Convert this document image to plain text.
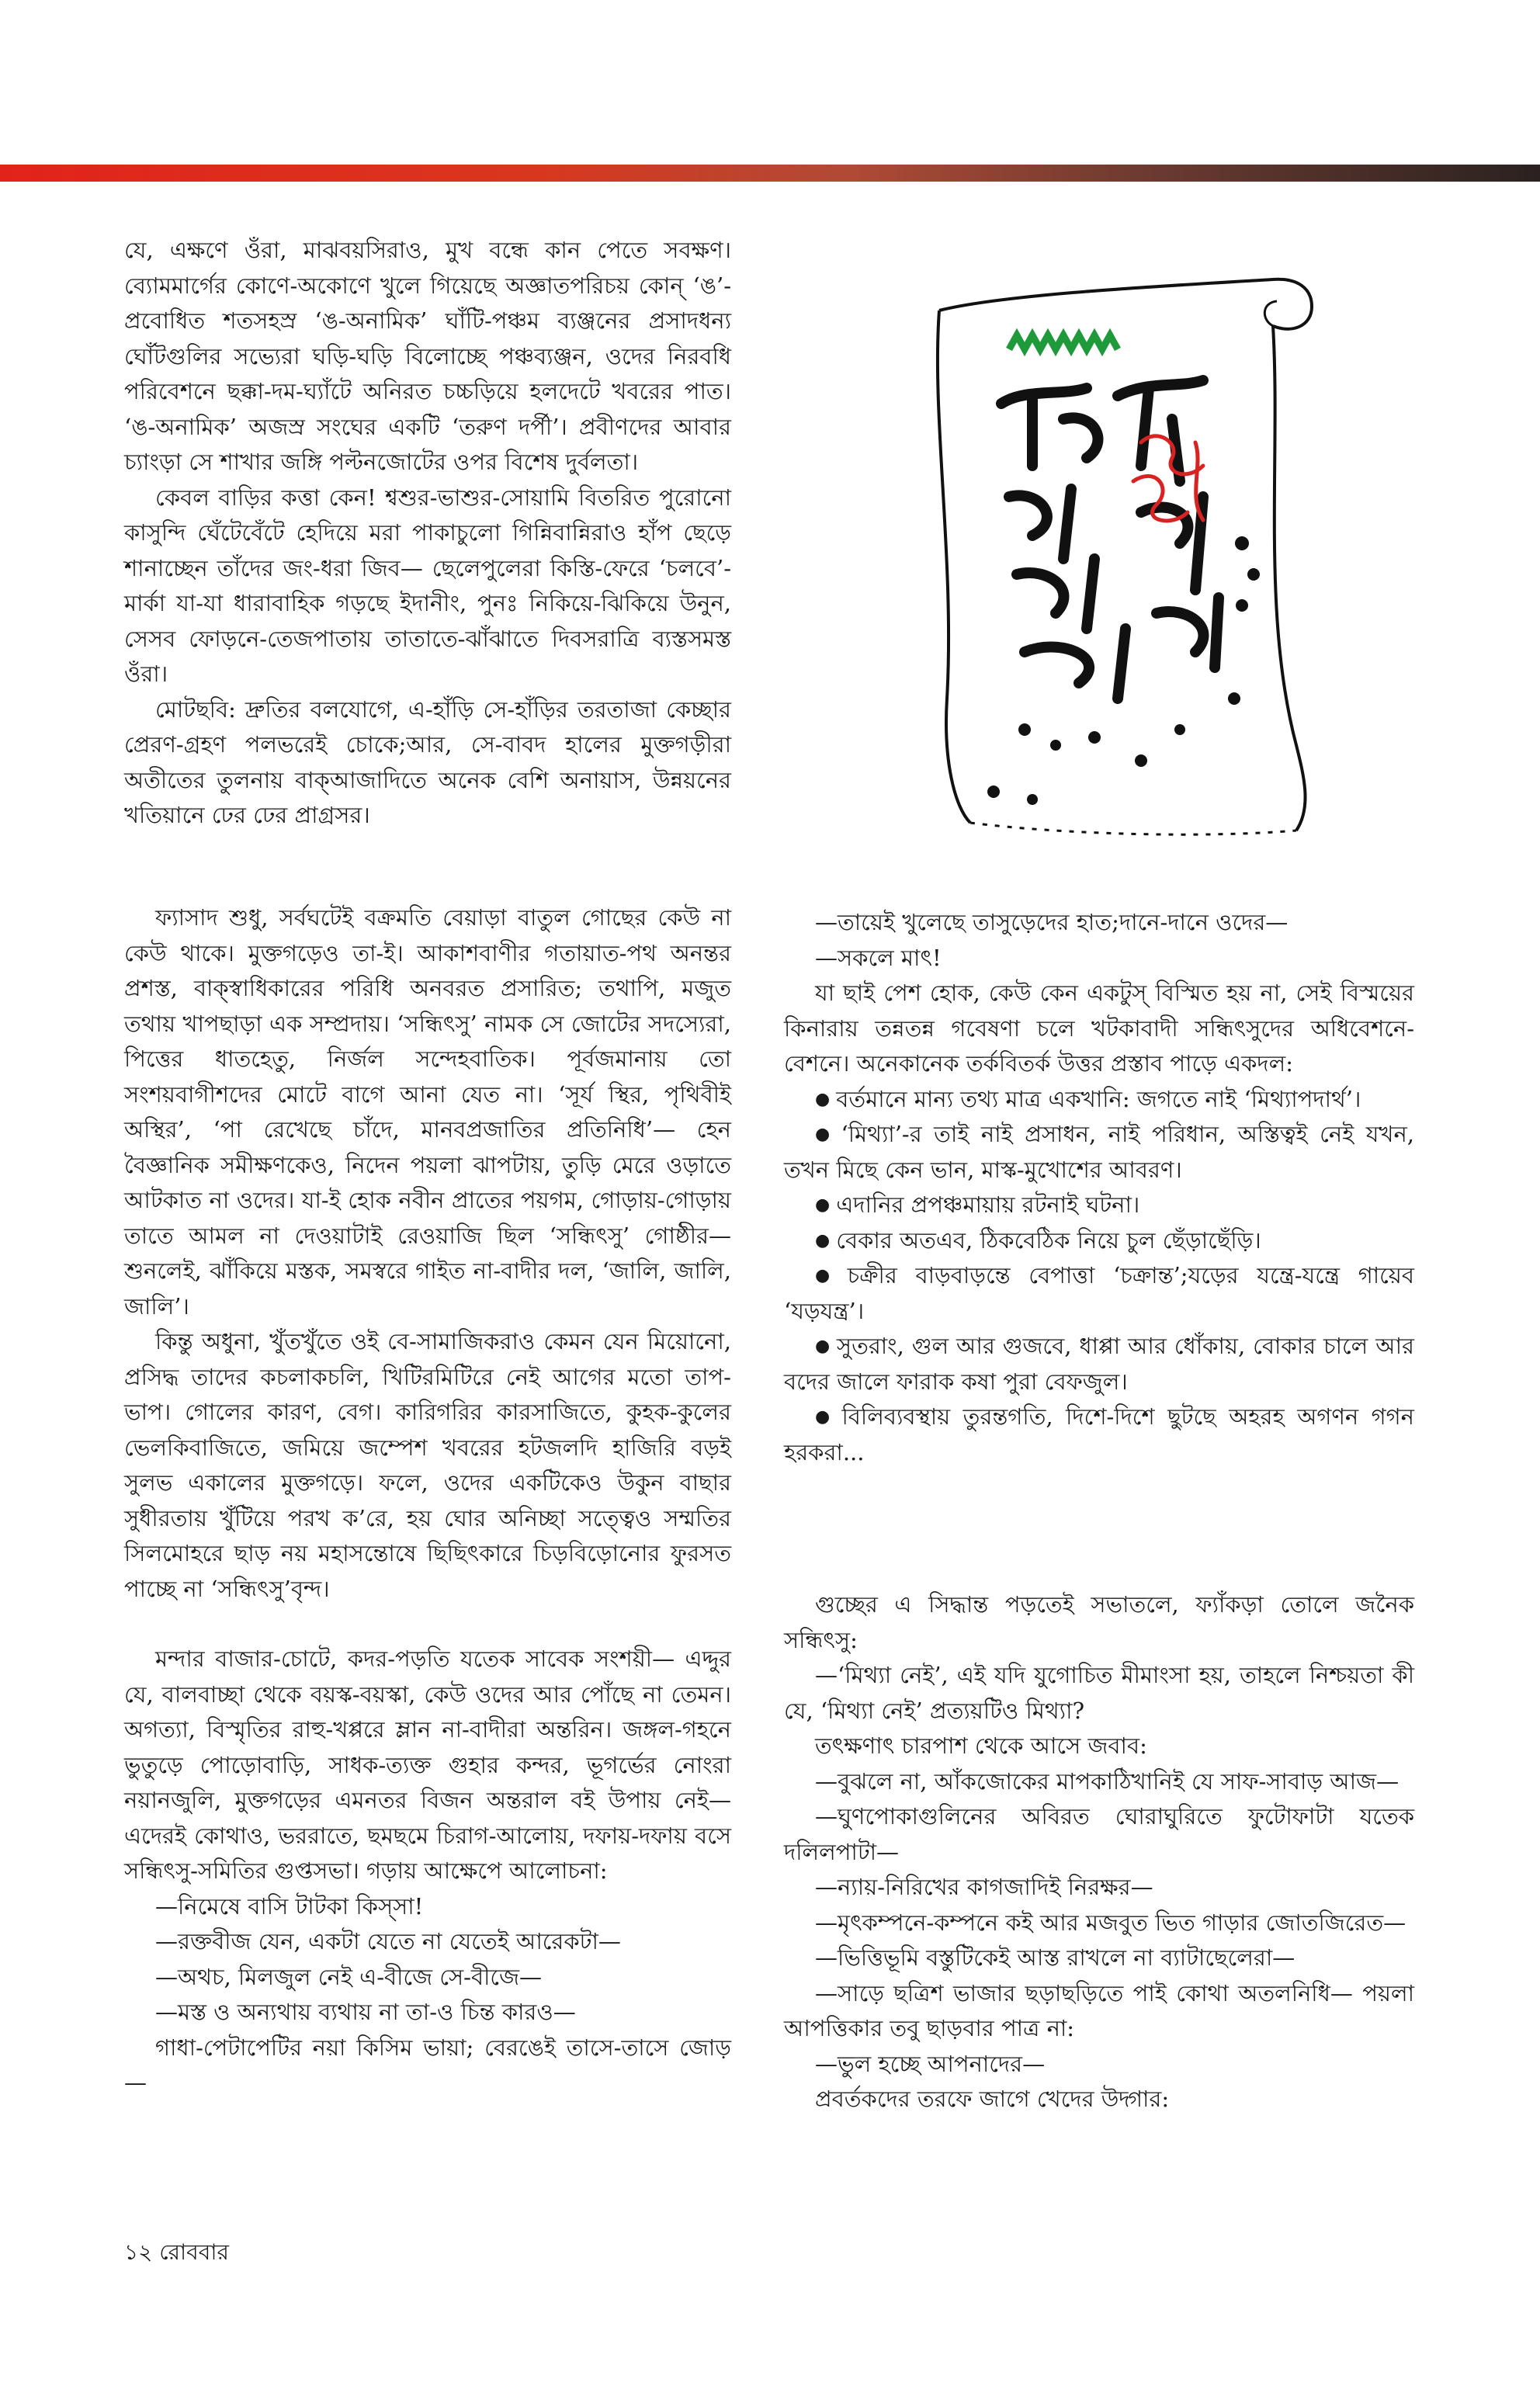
যে, এক্ষণে ওঁরা, মাঝবয়সিরাও, মুখ বন্ধে কান পেতে সবক্ষণ। ব্যোমমার্গের কোণে-অকোণে খুলে গিয়েছে অজ্ঞাতপরিচয় কোন্‌ ‘ঙ’-প্রবোধিত শতসহস্র ‘ঙ-অনামিক’ ঘাঁটি-পঞ্চম ব্যঞ্জনের প্রসাদধন্য ঘোঁটগুলির সভ্যেরা ঘড়ি-ঘড়ি বিলোচ্ছে পঞ্চব্যঞ্জন, ওদের নিরবধি পরিবেশনে ছক্কা-দম-ঘ্যাঁটে অনিরত চচ্চড়িয়ে হলদেটে খবরের পাত। ‘ঙ-অনামিক’ অজস্র সংঘের একটি ‘তরুণ দর্পী’। প্রবীণদের আবার চ্যাংড়া সে শাখার জঙ্গি পল্টনজোটের ওপর বিশেষ দুর্বলতা।

কেবল বাড়ির কত্তা কেন! শ্বশুর-ভাশুর-সোয়ামি বিতরিত পুরোনো কাসুন্দি ঘেঁটেবেঁটে হেদিয়ে মরা পাকাচুলো গিন্নিবান্নিরাও হাঁপ ছেড়ে শানাচ্ছেন তাঁদের জং-ধরা জিব— ছেলেপুলেরা কিস্তি-ফেরে ‘চলবে’-মার্কা যা-যা ধারাবাহিক গড়ছে ইদানীং, পুনঃ নিকিয়ে-ঝিকিয়ে উনুন, সেসব ফোড়নে-তেজপাতায় তাতাতে-ঝাঁঝাতে দিবসরাত্রি ব্যস্তসমস্ত ওঁরা।

মোটছবি: দ্রুতির বলযোগে, এ-হাঁড়ি সে-হাঁড়ির তরতাজা কেচ্ছার প্রেরণ-গ্রহণ পলভরেই চোকে;আর, সে-বাবদ হালের মুক্তগড়ীরা অতীতের তুলনায় বাক্‌আজাদিতে অনেক বেশি অনায়াস, উন্নয়নের খতিয়ানে ঢের ঢের প্রাগ্রসর।

ফ্যাসাদ শুধু, সর্বঘটেই বক্রমতি বেয়াড়া বাতুল গোছের কেউ না কেউ থাকে। মুক্তগড়েও তা-ই। আকাশবাণীর গতায়াত-পথ অনন্তর প্রশস্ত, বাক্‌স্বাধিকারের পরিধি অনবরত প্রসারিত; তথাপি, মজুত তথায় খাপছাড়া এক সম্প্রদায়। ‘সন্ধিৎসু’ নামক সে জোটের সদস্যেরা, পিত্তের ধাতহেতু, নির্জল সন্দেহবাতিক। পূর্বজমানায় তো সংশয়বাগীশদের মোটে বাগে আনা যেত না। ‘সূর্য স্থির, পৃথিবীই অস্থির’, ‘পা রেখেছে চাঁদে, মানবপ্রজাতির প্রতিনিধি’— হেন বৈজ্ঞানিক সমীক্ষণকেও, নিদেন পয়লা ঝাপটায়, তুড়ি মেরে ওড়াতে আটকাত না ওদের। যা-ই হোক নবীন প্রাতের পয়গম, গোড়ায়-গোড়ায় তাতে আমল না দেওয়াটাই রেওয়াজি ছিল ‘সন্ধিৎসু’ গোষ্ঠীর— শুনলেই, ঝাঁকিয়ে মস্তক, সমস্বরে গাইত না-বাদীর দল, ‘জালি, জালি, জালি’।

কিন্তু অধুনা, খুঁতখুঁতে ওই বে-সামাজিকরাও কেমন যেন মিয়োনো, প্রসিদ্ধ তাদের কচলাকচলি, খিটিরমিটিরে নেই আগের মতো তাপ-ভাপ। গোলের কারণ, বেগ। কারিগরির কারসাজিতে, কুহক-কুলের ভেলকিবাজিতে, জমিয়ে জম্পেশ খবরের হটজলদি হাজিরি বড়ই সুলভ একালের মুক্তগড়ে। ফলে, ওদের একটিকেও উকুন বাছার সুধীরতায় খুঁটিয়ে পরখ ক’রে, হয় ঘোর অনিচ্ছা সত্ত্বেও সম্মতির সিলমোহরে ছাড় নয় মহাসন্তোষে ছিছিৎকারে চিড়বিড়োনোর ফুরসত পাচ্ছে না ‘সন্ধিৎসু’বৃন্দ।

মন্দার বাজার-চোটে, কদর-পড়তি যতেক সাবেক সংশয়ী— এদ্দুর যে, বালবাচ্ছা থেকে বয়স্ক-বয়স্কা, কেউ ওদের আর পোঁছে না তেমন। অগত্যা, বিস্মৃতির রাহু-খপ্পরে ম্লান না-বাদীরা অন্তরিন। জঙ্গল-গহনে ভুতুড়ে পোড়োবাড়ি, সাধক-ত্যক্ত গুহার কন্দর, ভূগর্ভের নোংরা নয়ানজুলি, মুক্তগড়ের এমনতর বিজন অন্তরাল বই উপায় নেই— এদেরই কোথাও, ভররাতে, ছমছমে চিরাগ-আলোয়, দফায়-দফায় বসে সন্ধিৎসু-সমিতির গুপ্তসভা। গড়ায় আক্ষেপে আলোচনা:

—নিমেষে বাসি টাটকা কিস্‌সা!

—রক্তবীজ যেন, একটা যেতে না যেতেই আরেকটা—

—অথচ, মিলজুল নেই এ-বীজে সে-বীজে—

—মস্ত ও অন্যথায় ব্যথায় না তা-ও চিন্ত কারও—

গাধা-পেটাপেটির নয়া কিসিম ভায়া; বেরঙেই তাসে-তাসে জোড়—

—তায়েই খুলেছে তাসুড়েদের হাত;দানে-দানে ওদের—

—সকলে মাৎ!

যা ছাই পেশ হোক, কেউ কেন একটুস্‌ বিস্মিত হয় না, সেই বিস্ময়ের কিনারায় তন্নতন্ন গবেষণা চলে খটকাবাদী সন্ধিৎসুদের অধিবেশনে-বেশনে। অনেকানেক তর্কবিতর্ক উত্তর প্রস্তাব পাড়ে একদল:

● বর্তমানে মান্য তথ্য মাত্র একখানি: জগতে নাই ‘মিথ্যাপদার্থ’।

● ‘মিথ্যা’-র তাই নাই প্রসাধন, নাই পরিধান, অস্তিত্বই নেই যখন, তখন মিছে কেন ভান, মাস্ক-মুখোশের আবরণ।

● এদানির প্রপঞ্চমায়ায় রটনাই ঘটনা।

● বেকার অতএব, ঠিকবেঠিক নিয়ে চুল ছেঁড়াছেঁড়ি।

● চক্রীর বাড়বাড়ন্তে বেপাত্তা ‘চক্রান্ত’;যড়ের যন্ত্রে-যন্ত্রে গায়েব ‘যড়যন্ত্র’।

● সুতরাং, গুল আর গুজবে, ধাপ্পা আর ধোঁকায়, বোকার চালে আর বদের জালে ফারাক কষা পুরা বেফজুল।

● বিলিব্যবস্থায় তুরন্তগতি, দিশে-দিশে ছুটছে অহরহ অগণন গগন হরকরা...

গুচ্ছের এ সিদ্ধান্ত পড়তেই সভাতলে, ফ্যাঁকড়া তোলে জনৈক সন্ধিৎসু:

—‘মিথ্যা নেই’, এই যদি যুগোচিত মীমাংসা হয়, তাহলে নিশ্চয়তা কী যে, ‘মিথ্যা নেই’ প্রত্যয়টিও মিথ্যা?

তৎক্ষণাৎ চারপাশ থেকে আসে জবাব:

—বুঝলে না, আঁকজোকের মাপকাঠিখানিই যে সাফ-সাবাড় আজ—

—ঘুণপোকাগুলিনের অবিরত ঘোরাঘুরিতে ফুটোফাটা যতেক দলিলপাটা—

—ন্যায়-নিরিখের কাগজাদিই নিরক্ষর—

—মৃৎকম্পনে-কম্পনে কই আর মজবুত ভিত গাড়ার জোতজিরেত—

—ভিত্তিভূমি বস্তুটিকেই আস্ত রাখলে না ব্যাটাছেলেরা—

—সাড়ে ছত্রিশ ভাজার ছড়াছড়িতে পাই কোথা অতলনিধি— পয়লা আপত্তিকার তবু ছাড়বার পাত্র না:

—ভুল হচ্ছে আপনাদের—

প্রবর্তকদের তরফে জাগে খেদের উদ্গার:

১২ রোববার
